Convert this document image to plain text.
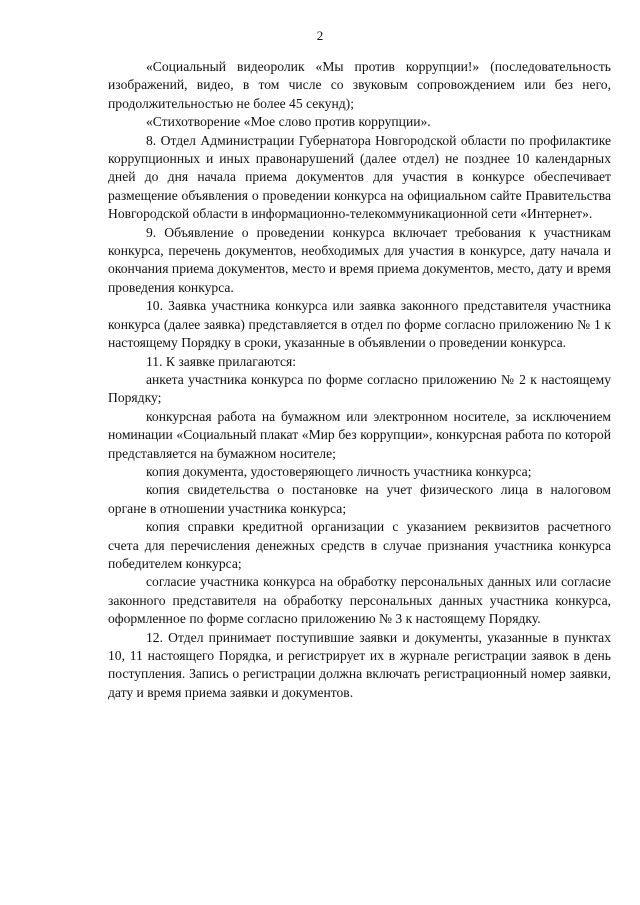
2

«Социальный видеоролик «Мы против коррупции!» (последовательность изображений, видео, в том числе со звуковым сопровождением или без него, продолжительностью не более 45 секунд);

«Стихотворение «Мое слово против коррупции».

8. Отдел Администрации Губернатора Новгородской области по профилактике коррупционных и иных правонарушений (далее отдел) не позднее 10 календарных дней до дня начала приема документов для участия в конкурсе обеспечивает размещение объявления о проведении конкурса на официальном сайте Правительства Новгородской области в информационно-телекоммуникационной сети «Интернет».

9. Объявление о проведении конкурса включает требования к участникам конкурса, перечень документов, необходимых для участия в конкурсе, дату начала и окончания приема документов, место и время приема документов, место, дату и время проведения конкурса.

10. Заявка участника конкурса или заявка законного представителя участника конкурса (далее заявка) представляется в отдел по форме согласно приложению № 1 к настоящему Порядку в сроки, указанные в объявлении о проведении конкурса.

11. К заявке прилагаются:

анкета участника конкурса по форме согласно приложению № 2 к настоящему Порядку;

конкурсная работа на бумажном или электронном носителе, за исключением номинации «Социальный плакат «Мир без коррупции», конкурсная работа по которой представляется на бумажном носителе;

копия документа, удостоверяющего личность участника конкурса;

копия свидетельства о постановке на учет физического лица в налоговом органе в отношении участника конкурса;

копия справки кредитной организации с указанием реквизитов расчетного счета для перечисления денежных средств в случае признания участника конкурса победителем конкурса;

согласие участника конкурса на обработку персональных данных или согласие законного представителя на обработку персональных данных участника конкурса, оформленное по форме согласно приложению № 3 к настоящему Порядку.

12. Отдел принимает поступившие заявки и документы, указанные в пунктах 10, 11 настоящего Порядка, и регистрирует их в журнале регистрации заявок в день поступления. Запись о регистрации должна включать регистрационный номер заявки, дату и время приема заявки и документов.
